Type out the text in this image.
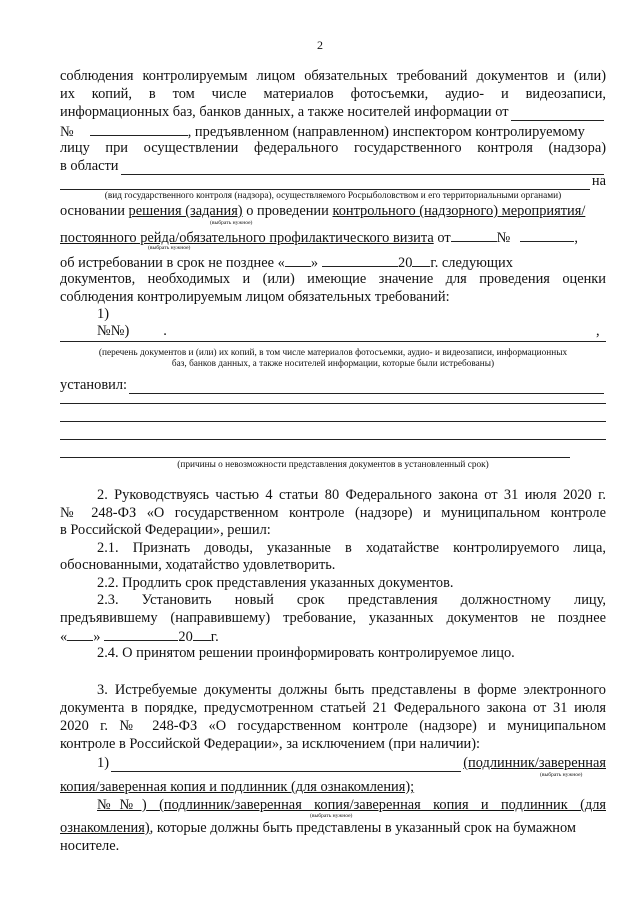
2
соблюдения контролируемым лицом обязательных требований документов и (или)
их копий, в том числе материалов фотосъемки, аудио- и видеозаписи,
информационных баз, банков данных, а также носителей информации от
№	, предъявленном (направленном) инспектором контролируемому
лицу при осуществлении федерального государственного контроля (надзора)
в области
на
(вид государственного контроля (надзора), осуществляемого Росрыболовством и его территориальными органами)
основании решения (задания) о проведении контрольного (надзорного) мероприятия/
(выбрать нужное)
постоянного рейда/обязательного профилактического визита от	№	,
(выбрать нужное)
об истребовании в срок не позднее « »	20 г. следующих
документов, необходимых и (или) имеющие значение для проведения оценки
соблюдения контролируемым лицом обязательных требований:
1)
№№) .	,
(перечень документов и (или) их копий, в том числе материалов фотосъемки, аудио- и видеозаписи, информационных
баз, банков данных, а также носителей информации, которые были истребованы)
установил:
(причины о невозможности представления документов в установленный срок)
2. Руководствуясь частью 4 статьи 80 Федерального закона от 31 июля 2020 г.
№ 248-ФЗ «О государственном контроле (надзоре) и муниципальном контроле
в Российской Федерации», решил:
2.1. Признать доводы, указанные в ходатайстве контролируемого лица,
обоснованными, ходатайство удовлетворить.
2.2. Продлить срок представления указанных документов.
2.3. Установить новый срок представления должностному лицу,
предъявившему (направившему) требование, указанных документов не позднее
« »	20 г.
2.4. О принятом решении проинформировать контролируемое лицо.
3. Истребуемые документы должны быть представлены в форме электронного
документа в порядке, предусмотренном статьей 21 Федерального закона от 31 июля
2020 г. № 248-ФЗ «О государственном контроле (надзоре) и муниципальном
контроле в Российской Федерации», за исключением (при наличии):
1)	(подлинник/заверенная
(выбрать нужное)
копия/заверенная копия и подлинник (для ознакомления);
№№) (подлинник/заверенная копия/заверенная копия и подлинник (для
(выбрать нужное)
ознакомления), которые должны быть представлены в указанный срок на бумажном
носителе.
